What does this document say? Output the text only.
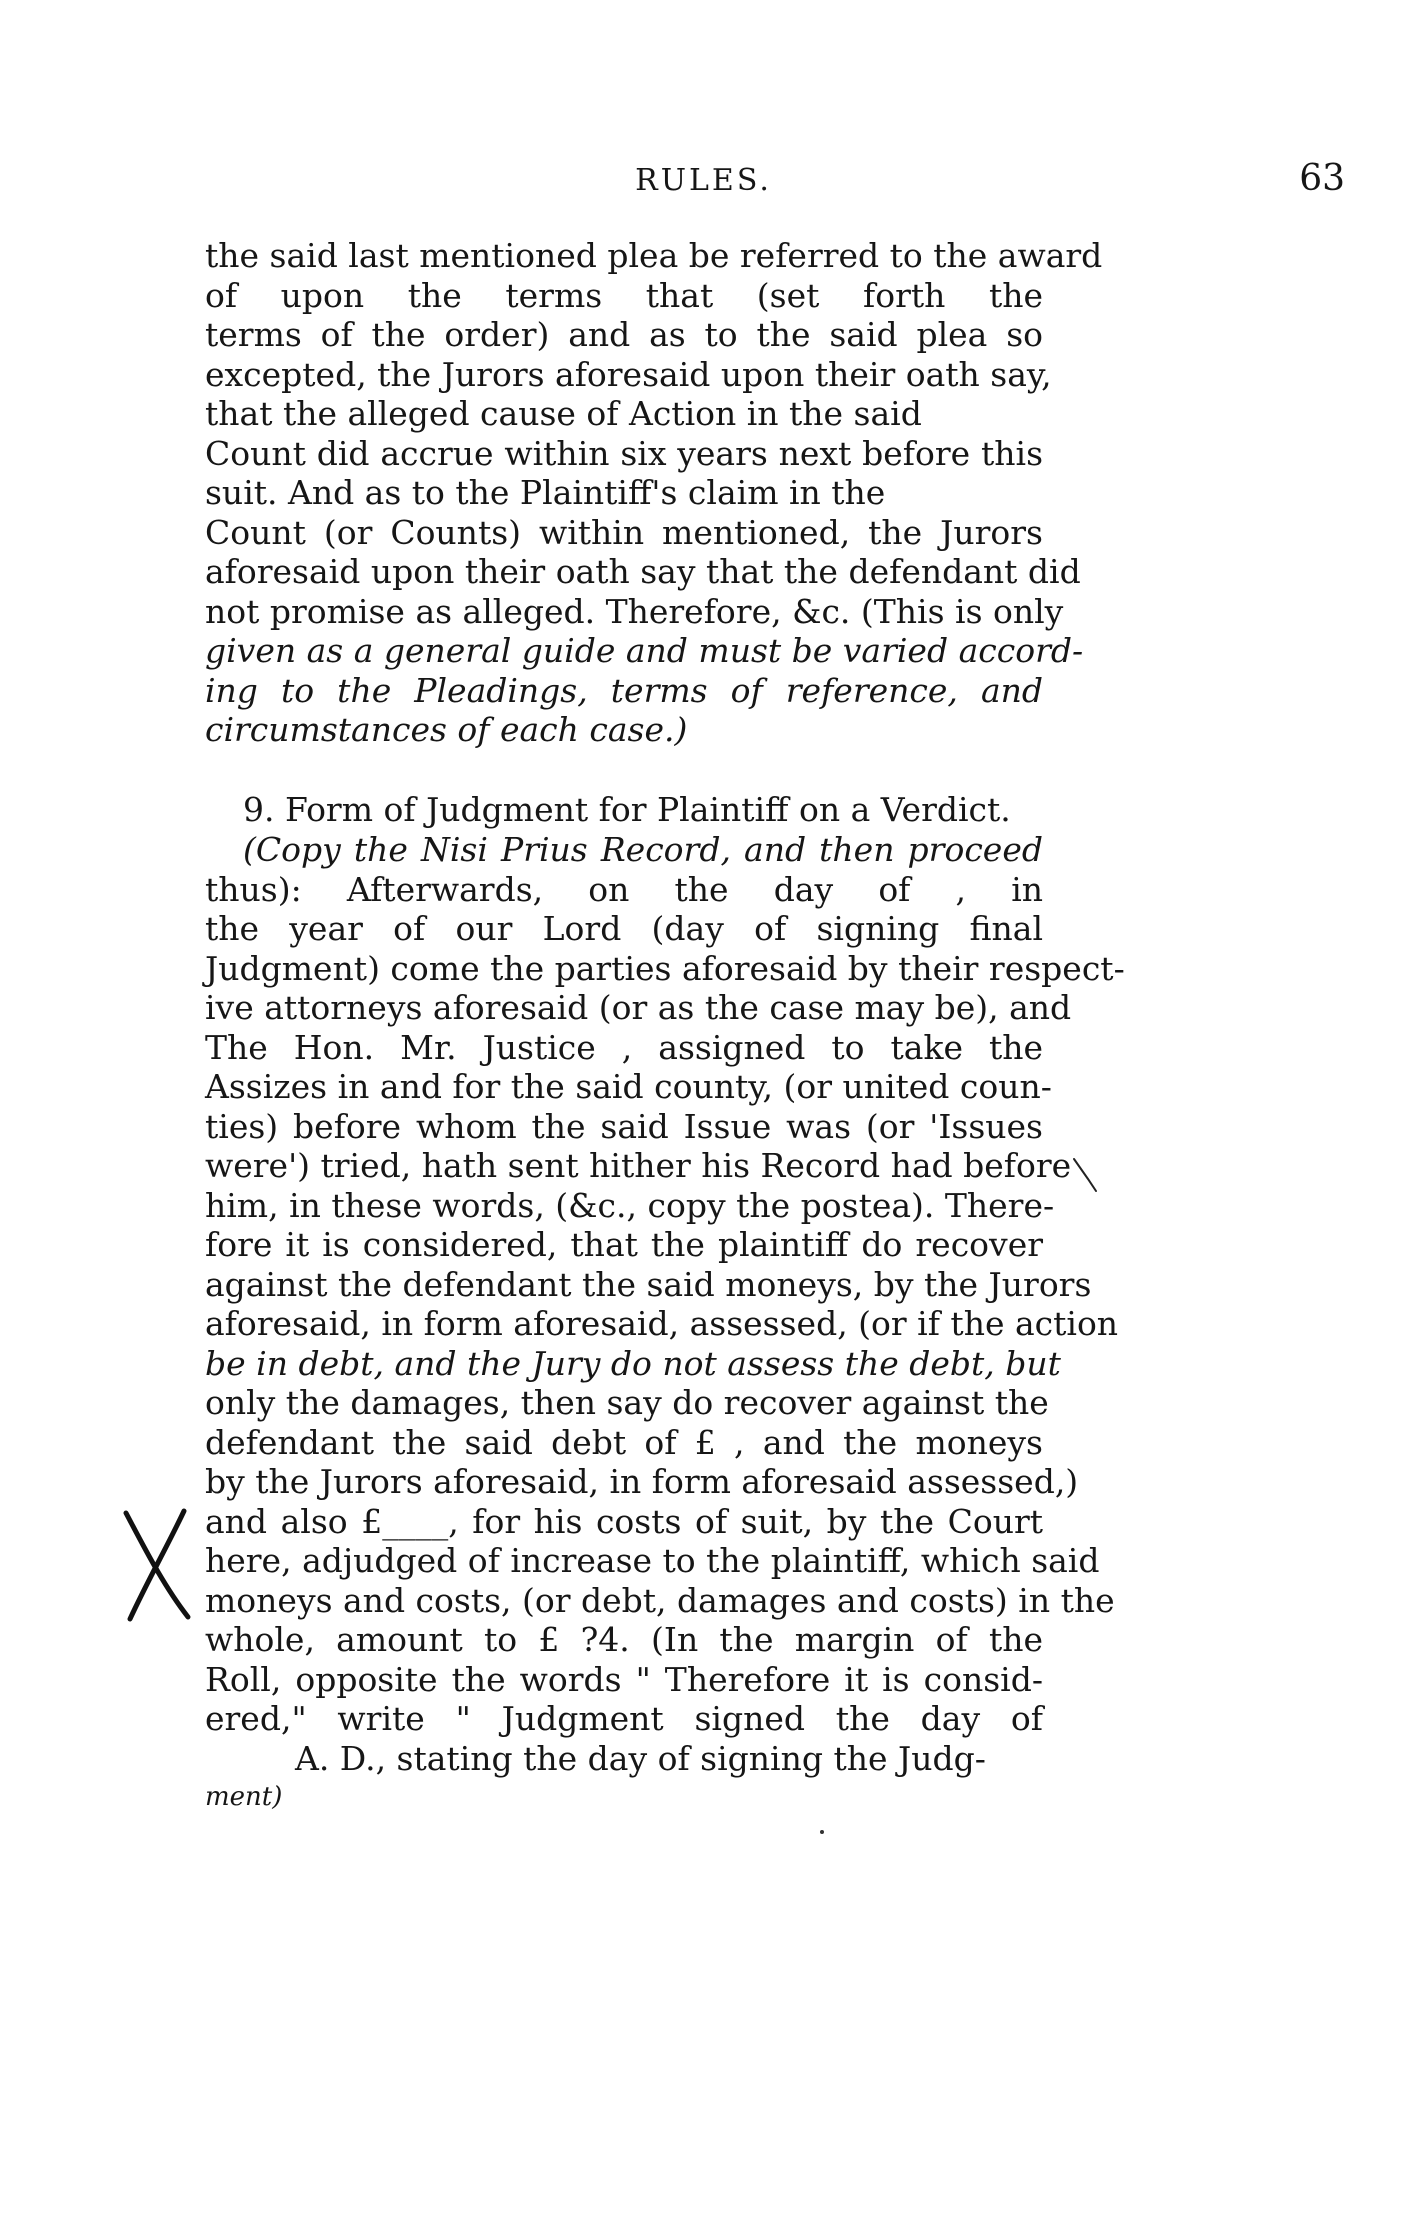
RULES.	63
the said last mentioned plea be referred to the award
of upon the terms that (set forth the
terms of the order) and as to the said plea so
excepted, the Jurors aforesaid upon their oath say,
that the alleged cause of Action in the said
Count did accrue within six years next before this
suit. And as to the Plaintiff's claim in the
Count (or Counts) within mentioned, the Jurors
aforesaid upon their oath say that the defendant did
not promise as alleged. Therefore, &c. (This is only
given as a general guide and must be varied accord-
ing to the Pleadings, terms of reference, and
circumstances of each case.)
9. Form of Judgment for Plaintiff on a Verdict.
(Copy the Nisi Prius Record, and then proceed
thus): Afterwards, on the day of , in
the year of our Lord (day of signing final
Judgment) come the parties aforesaid by their respect-
ive attorneys aforesaid (or as the case may be), and
The Hon. Mr. Justice , assigned to take the
Assizes in and for the said county, (or united coun-
ties) before whom the said Issue was (or 'Issues
were') tried, hath sent hither his Record had before
him, in these words, (&c., copy the postea). There-
fore it is considered, that the plaintiff do recover
against the defendant the said moneys, by the Jurors
aforesaid, in form aforesaid, assessed, (or if the action
be in debt, and the Jury do not assess the debt, but
only the damages, then say do recover against the
defendant the said debt of £ , and the moneys
by the Jurors aforesaid, in form aforesaid assessed,)
and also £____, for his costs of suit, by the Court
here, adjudged of increase to the plaintiff, which said
moneys and costs, (or debt, damages and costs) in the
whole, amount to £ ?4. (In the margin of the
Roll, opposite the words " Therefore it is consid-
ered," write " Judgment signed the day of
A. D., stating the day of signing the Judg-
ment)
